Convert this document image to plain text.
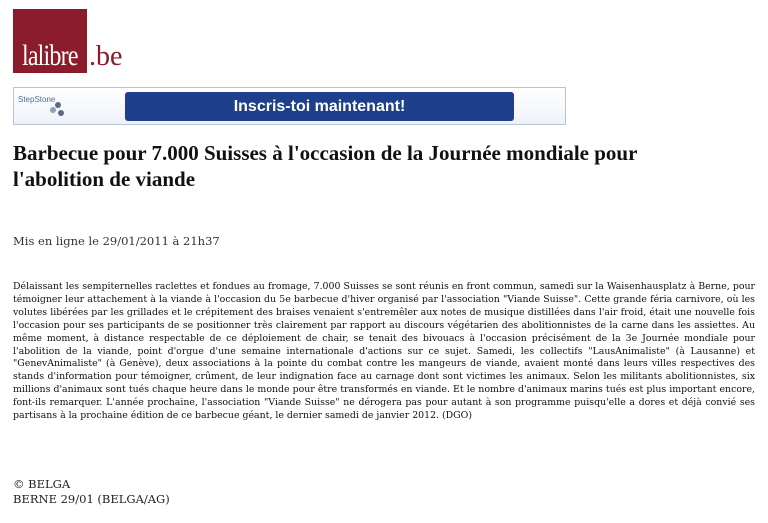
lalibre .be
StepStone	Inscris-toi maintenant!
Barbecue pour 7.000 Suisses à l'occasion de la Journée mondiale pour l'abolition de viande
Mis en ligne le 29/01/2011 à 21h37

Délaissant les sempiternelles raclettes et fondues au fromage, 7.000 Suisses se sont réunis en front commun, samedi sur la Waisenhausplatz à Berne, pour témoigner leur attachement à la viande à l'occasion du 5e barbecue d'hiver organisé par l'association "Viande Suisse". Cette grande féria carnivore, où les volutes libérées par les grillades et le crépitement des braises venaient s'entremêler aux notes de musique distillées dans l'air froid, était une nouvelle fois l'occasion pour ses participants de se positionner très clairement par rapport au discours végétarien des abolitionnistes de la carne dans les assiettes. Au même moment, à distance respectable de ce déploiement de chair, se tenait des bivouacs à l'occasion précisément de la 3e Journée mondiale pour l'abolition de la viande, point d'orgue d'une semaine internationale d'actions sur ce sujet. Samedi, les collectifs "LausAnimaliste" (à Lausanne) et "GenevAnimaliste" (à Genève), deux associations à la pointe du combat contre les mangeurs de viande, avaient monté dans leurs villes respectives des stands d'information pour témoigner, crûment, de leur indignation face au carnage dont sont victimes les animaux. Selon les militants abolitionnistes, six millions d'animaux sont tués chaque heure dans le monde pour être transformés en viande. Et le nombre d'animaux marins tués est plus important encore, font-ils remarquer. L'année prochaine, l'association "Viande Suisse" ne dérogera pas pour autant à son programme puisqu'elle a dores et déjà convié ses partisans à la prochaine édition de ce barbecue géant, le dernier samedi de janvier 2012. (DGO)

© BELGA
BERNE 29/01 (BELGA/AG)
